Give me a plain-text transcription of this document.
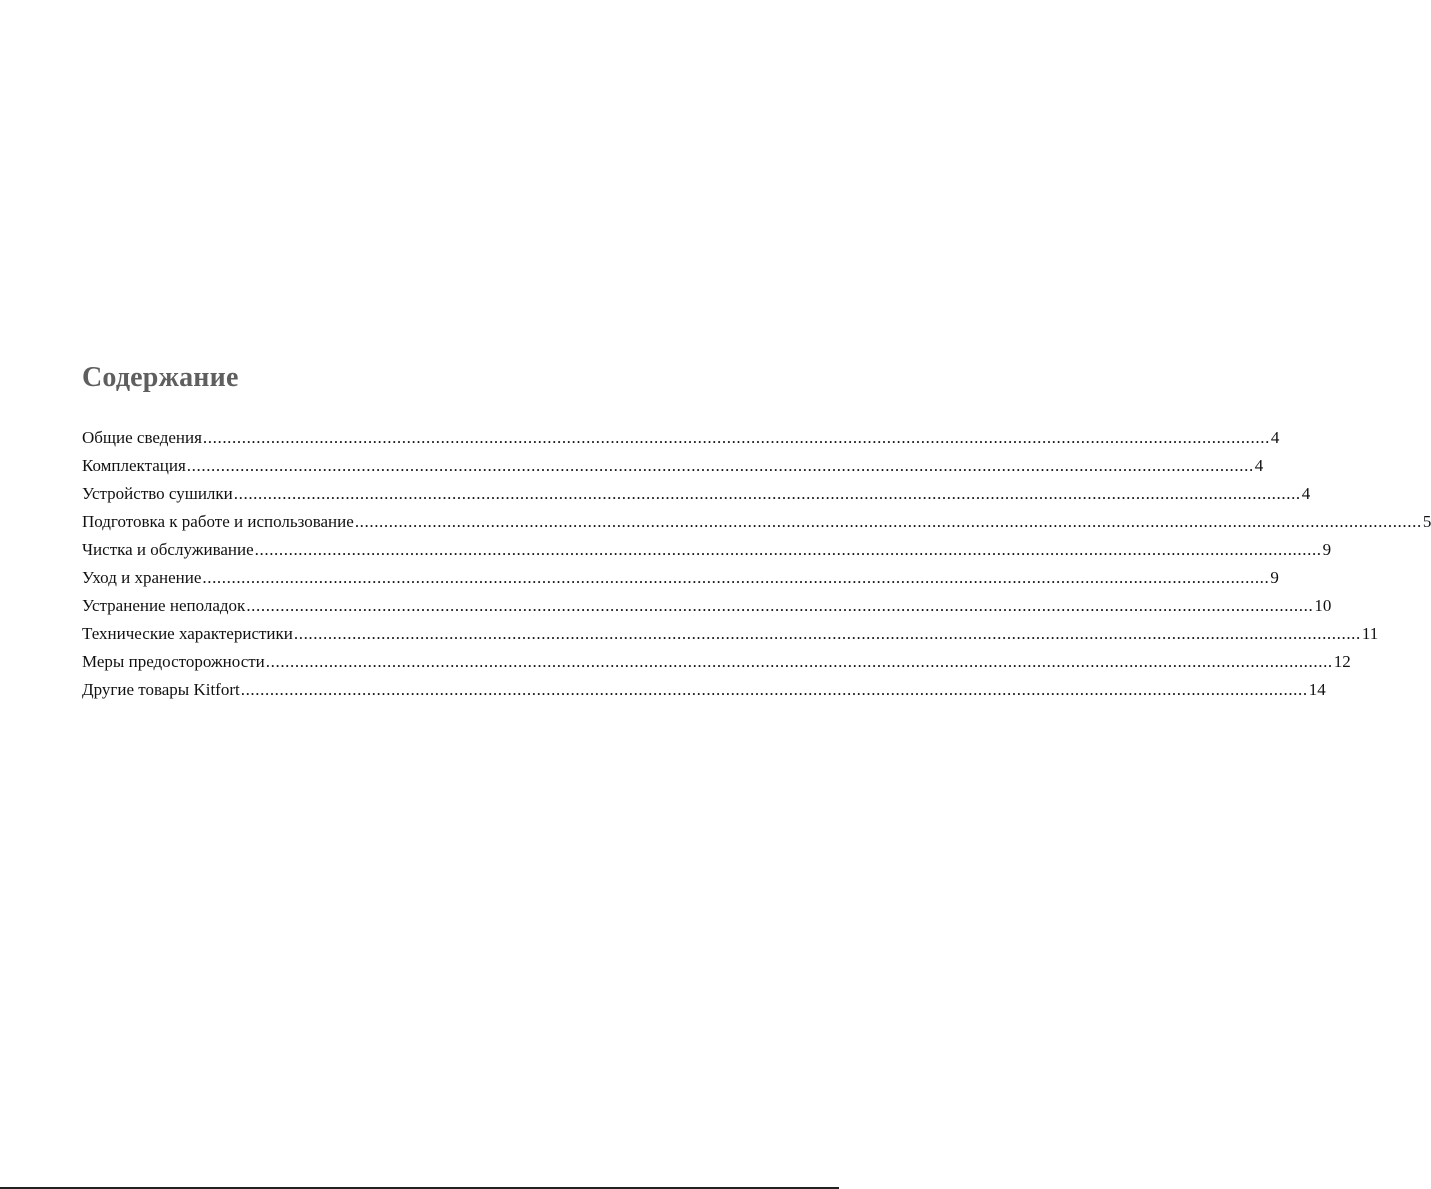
Содержание
Общие сведения ............................................................................................................................................................................................................................ 4
Комплектация ............................................................................................................................................................................................................................ 4
Устройство сушилки ............................................................................................................................................................................................................................ 4
Подготовка к работе и использование ............................................................................................................................................................................................................................ 5
Чистка и обслуживание ............................................................................................................................................................................................................................ 9
Уход и хранение ............................................................................................................................................................................................................................ 9
Устранение неполадок ............................................................................................................................................................................................................................ 10
Технические характеристики ............................................................................................................................................................................................................................ 11
Меры предосторожности ............................................................................................................................................................................................................................ 12
Другие товары Kitfort ............................................................................................................................................................................................................................ 14
